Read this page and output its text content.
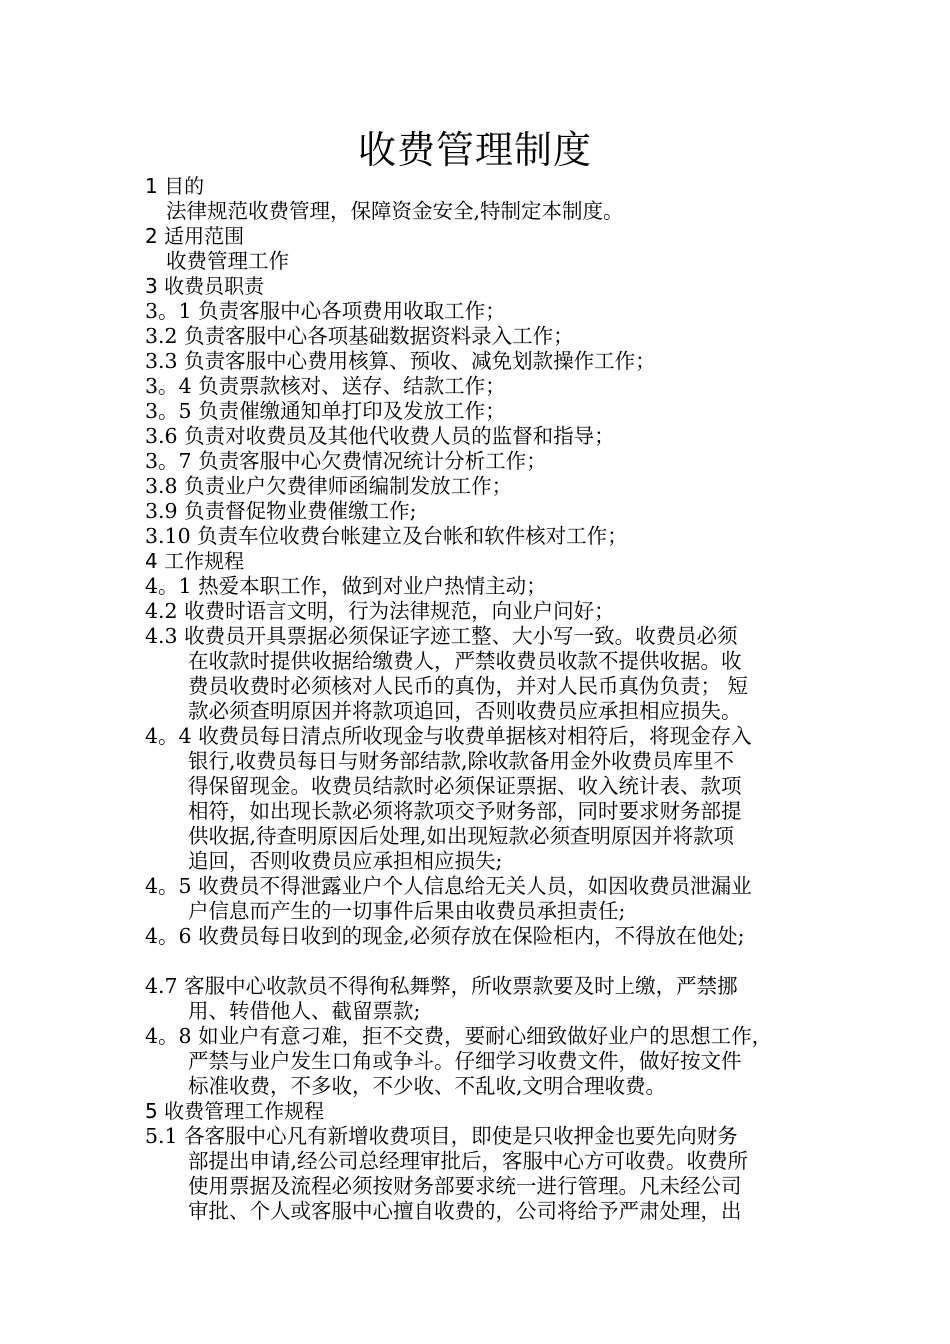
收费管理制度
1 目的
法律规范收费管理，保障资金安全,特制定本制度。
2 适用范围
收费管理工作
3 收费员职责
3。1 负责客服中心各项费用收取工作；
3.2 负责客服中心各项基础数据资料录入工作；
3.3 负责客服中心费用核算、预收、减免划款操作工作；
3。4 负责票款核对、送存、结款工作；
3。5 负责催缴通知单打印及发放工作；
3.6 负责对收费员及其他代收费人员的监督和指导；
3。7 负责客服中心欠费情况统计分析工作；
3.8 负责业户欠费律师函编制发放工作；
3.9 负责督促物业费催缴工作;
3.10 负责车位收费台帐建立及台帐和软件核对工作；
4 工作规程
4。1 热爱本职工作，做到对业户热情主动；
4.2 收费时语言文明，行为法律规范，向业户问好；
4.3 收费员开具票据必须保证字迹工整、大小写一致。收费员必须
在收款时提供收据给缴费人，严禁收费员收款不提供收据。收
费员收费时必须核对人民币的真伪，并对人民币真伪负责； 短
款必须查明原因并将款项追回，否则收费员应承担相应损失。
4。4 收费员每日清点所收现金与收费单据核对相符后，将现金存入
银行,收费员每日与财务部结款,除收款备用金外收费员库里不
得保留现金。收费员结款时必须保证票据、收入统计表、款项
相符，如出现长款必须将款项交予财务部，同时要求财务部提
供收据,待查明原因后处理,如出现短款必须查明原因并将款项
追回，否则收费员应承担相应损失;
4。5 收费员不得泄露业户个人信息给无关人员，如因收费员泄漏业
户信息而产生的一切事件后果由收费员承担责任;
4。6 收费员每日收到的现金,必须存放在保险柜内，不得放在他处;
4.7 客服中心收款员不得徇私舞弊，所收票款要及时上缴，严禁挪
用、转借他人、截留票款;
4。8 如业户有意刁难，拒不交费，要耐心细致做好业户的思想工作，
严禁与业户发生口角或争斗。仔细学习收费文件，做好按文件
标准收费，不多收，不少收、不乱收,文明合理收费。
5 收费管理工作规程
5.1 各客服中心凡有新增收费项目，即使是只收押金也要先向财务
部提出申请,经公司总经理审批后，客服中心方可收费。收费所
使用票据及流程必须按财务部要求统一进行管理。凡未经公司
审批、个人或客服中心擅自收费的，公司将给予严肃处理，出
